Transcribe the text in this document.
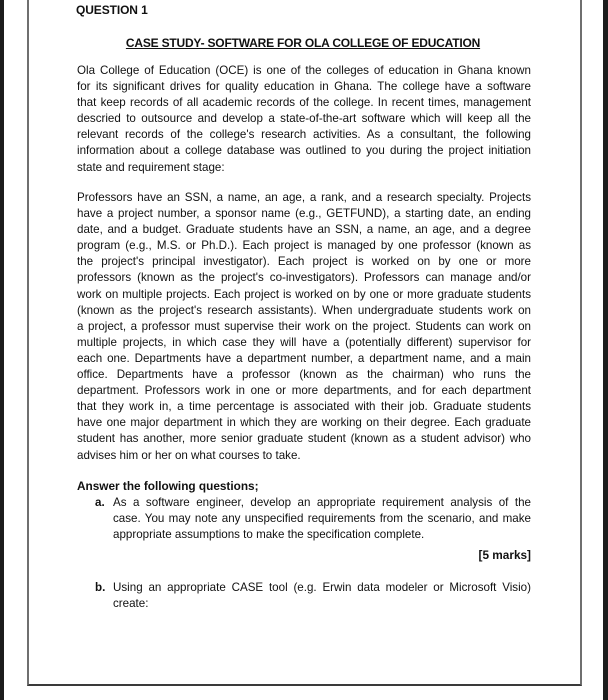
QUESTION 1
CASE STUDY- SOFTWARE FOR OLA COLLEGE OF EDUCATION
Ola College of Education (OCE) is one of the colleges of education in Ghana known
for its significant drives for quality education in Ghana. The college have a software
that keep records of all academic records of the college. In recent times, management
descried to outsource and develop a state-of-the-art software which will keep all the
relevant records of the college's research activities. As a consultant, the following
information about a college database was outlined to you during the project initiation
state and requirement stage:
Professors have an SSN, a name, an age, a rank, and a research specialty. Projects
have a project number, a sponsor name (e.g., GETFUND), a starting date, an ending
date, and a budget. Graduate students have an SSN, a name, an age, and a degree
program (e.g., M.S. or Ph.D.). Each project is managed by one professor (known as
the project's principal investigator). Each project is worked on by one or more
professors (known as the project's co-investigators). Professors can manage and/or
work on multiple projects. Each project is worked on by one or more graduate students
(known as the project's research assistants). When undergraduate students work on
a project, a professor must supervise their work on the project. Students can work on
multiple projects, in which case they will have a (potentially different) supervisor for
each one. Departments have a department number, a department name, and a main
office. Departments have a professor (known as the chairman) who runs the
department. Professors work in one or more departments, and for each department
that they work in, a time percentage is associated with their job. Graduate students
have one major department in which they are working on their degree. Each graduate
student has another, more senior graduate student (known as a student advisor) who
advises him or her on what courses to take.
Answer the following questions;
a. As a software engineer, develop an appropriate requirement analysis of the
case. You may note any unspecified requirements from the scenario, and make
appropriate assumptions to make the specification complete.
[5 marks]
b. Using an appropriate CASE tool (e.g. Erwin data modeler or Microsoft Visio)
create:
